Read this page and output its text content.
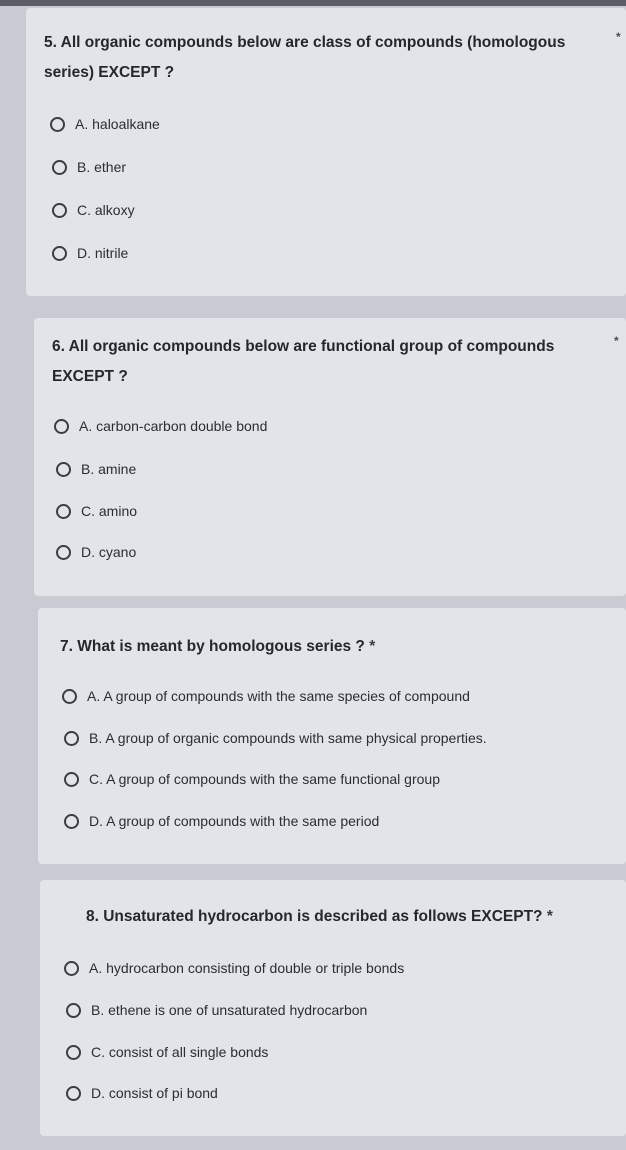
5. All organic compounds below are class of compounds (homologous series) EXCEPT ?
*
A. haloalkane
B. ether
C. alkoxy
D. nitrile
6. All organic compounds below are functional group of compounds EXCEPT ?
*
A. carbon-carbon double bond
B. amine
C. amino
D. cyano
7. What is meant by homologous series ? *
A. A group of compounds with the same species of compound
B. A group of organic compounds with same physical properties.
C. A group of compounds with the same functional group
D. A group of compounds with the same period
8. Unsaturated hydrocarbon is described as follows EXCEPT? *
A. hydrocarbon consisting of double or triple bonds
B. ethene is one of unsaturated hydrocarbon
C. consist of all single bonds
D. consist of pi bond
